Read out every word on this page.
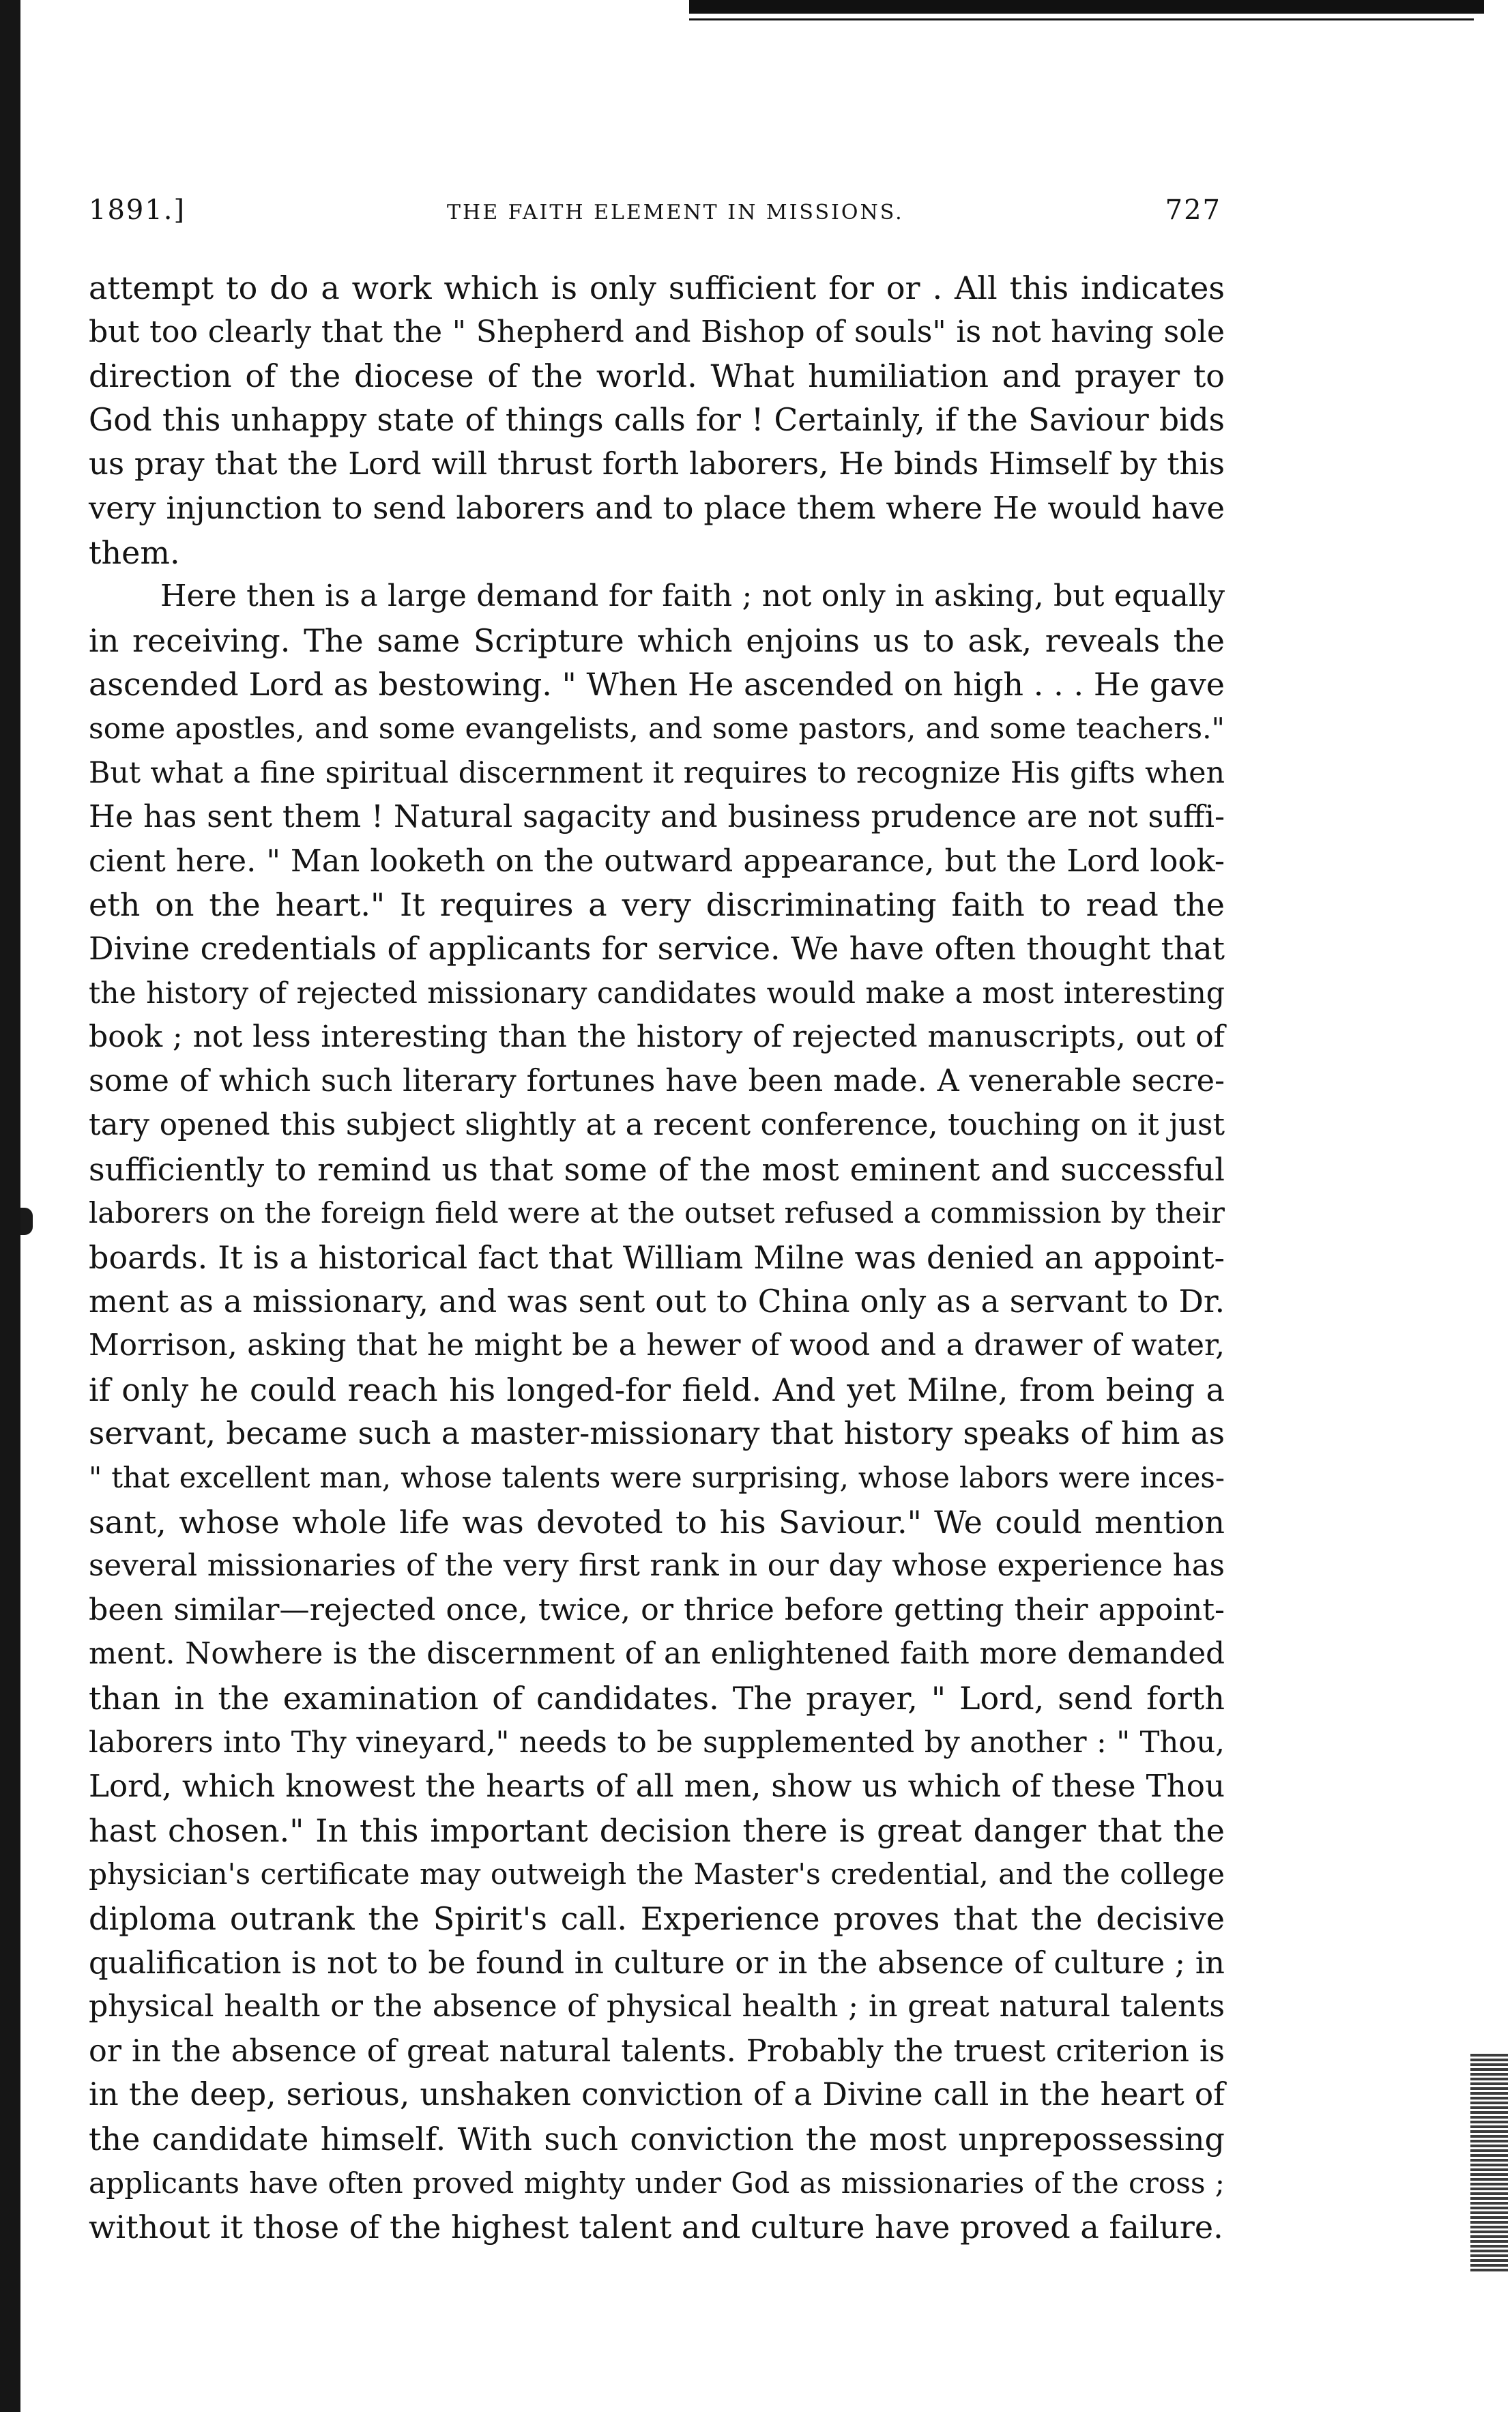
1891.]	THE FAITH ELEMENT IN MISSIONS.	727
attempt to do a work which is only sufficient for or . All this indicates
but too clearly that the " Shepherd and Bishop of souls" is not having sole
direction of the diocese of the world. What humiliation and prayer to
God this unhappy state of things calls for ! Certainly, if the Saviour bids
us pray that the Lord will thrust forth laborers, He binds Himself by this
very injunction to send laborers and to place them where He would have
them.
Here then is a large demand for faith ; not only in asking, but equally
in receiving. The same Scripture which enjoins us to ask, reveals the
ascended Lord as bestowing. " When He ascended on high . . . He gave
some apostles, and some evangelists, and some pastors, and some teachers."
But what a fine spiritual discernment it requires to recognize His gifts when
He has sent them ! Natural sagacity and business prudence are not suffi-
cient here. " Man looketh on the outward appearance, but the Lord look-
eth on the heart." It requires a very discriminating faith to read the
Divine credentials of applicants for service. We have often thought that
the history of rejected missionary candidates would make a most interesting
book ; not less interesting than the history of rejected manuscripts, out of
some of which such literary fortunes have been made. A venerable secre-
tary opened this subject slightly at a recent conference, touching on it just
sufficiently to remind us that some of the most eminent and successful
laborers on the foreign field were at the outset refused a commission by their
boards. It is a historical fact that William Milne was denied an appoint-
ment as a missionary, and was sent out to China only as a servant to Dr.
Morrison, asking that he might be a hewer of wood and a drawer of water,
if only he could reach his longed-for field. And yet Milne, from being a
servant, became such a master-missionary that history speaks of him as
" that excellent man, whose talents were surprising, whose labors were inces-
sant, whose whole life was devoted to his Saviour." We could mention
several missionaries of the very first rank in our day whose experience has
been similar—rejected once, twice, or thrice before getting their appoint-
ment. Nowhere is the discernment of an enlightened faith more demanded
than in the examination of candidates. The prayer, " Lord, send forth
laborers into Thy vineyard," needs to be supplemented by another : " Thou,
Lord, which knowest the hearts of all men, show us which of these Thou
hast chosen." In this important decision there is great danger that the
physician's certificate may outweigh the Master's credential, and the college
diploma outrank the Spirit's call. Experience proves that the decisive
qualification is not to be found in culture or in the absence of culture ; in
physical health or the absence of physical health ; in great natural talents
or in the absence of great natural talents. Probably the truest criterion is
in the deep, serious, unshaken conviction of a Divine call in the heart of
the candidate himself. With such conviction the most unprepossessing
applicants have often proved mighty under God as missionaries of the cross ;
without it those of the highest talent and culture have proved a failure.
